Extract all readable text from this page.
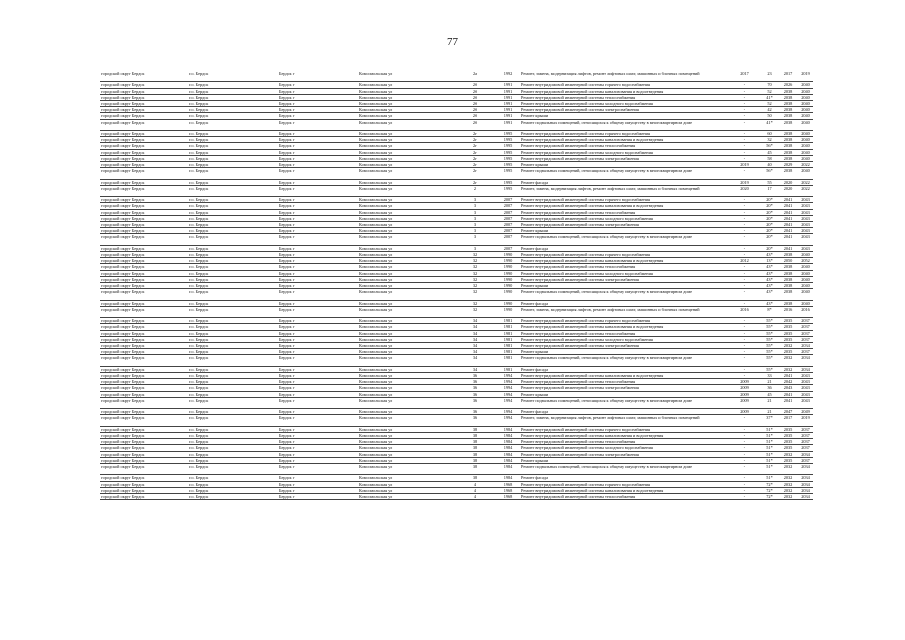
77
городской округ Бердск	г.о. Бердск	Бердск г	Комсомольская ул	2а	1992	Ремонт, замена, модернизация лифтов, ремонт лифтовых шахт, машинных и блочных помещений	2017	23	2017	2019
городской округ Бердск	г.о. Бердск	Бердск г	Комсомольская ул	2б	1991	Ремонт внутридомовой инженерной системы горячего водоснабжения	-	70	2026	2040
городской округ Бердск	г.о. Бердск	Бердск г	Комсомольская ул	2б	1991	Ремонт внутридомовой инженерной системы канализования и водоотведения	-	52	2038	2040
городской округ Бердск	г.о. Бердск	Бердск г	Комсомольская ул	2б	1991	Ремонт внутридомовой инженерной системы теплоснабжения	-	41*	2038	2040
городской округ Бердск	г.о. Бердск	Бердск г	Комсомольская ул	2б	1991	Ремонт внутридомовой инженерной системы холодного водоснабжения	-	52	2038	2040
городской округ Бердск	г.о. Бердск	Бердск г	Комсомольская ул	2б	1991	Ремонт внутридомовой инженерной системы электроснабжения	-	42	2038	2040
городской округ Бердск	г.о. Бердск	Бердск г	Комсомольская ул	2б	1991	Ремонт крыши	-	50	2038	2040
городской округ Бердск	г.о. Бердск	Бердск г	Комсомольская ул	2б	1991	Ремонт подвальных помещений, относящихся к общему имуществу в многоквартирном доме	-	41*	2038	2040
городской округ Бердск	г.о. Бердск	Бердск г	Комсомольская ул	2г	1995	Ремонт внутридомовой инженерной системы горячего водоснабжения	-	60	2038	2040
городской округ Бердск	г.о. Бердск	Бердск г	Комсомольская ул	2г	1995	Ремонт внутридомовой инженерной системы канализования и водоотведения	-	32	2038	2040
городской округ Бердск	г.о. Бердск	Бердск г	Комсомольская ул	2г	1995	Ремонт внутридомовой инженерной системы теплоснабжения	-	56*	2038	2040
городской округ Бердск	г.о. Бердск	Бердск г	Комсомольская ул	2г	1995	Ремонт внутридомовой инженерной системы холодного водоснабжения	-	45	2038	2040
городской округ Бердск	г.о. Бердск	Бердск г	Комсомольская ул	2г	1995	Ремонт внутридомовой инженерной системы электроснабжения	-	58	2038	2040
городской округ Бердск	г.о. Бердск	Бердск г	Комсомольская ул	2г	1995	Ремонт крыши	2019	40	2029	2022
городской округ Бердск	г.о. Бердск	Бердск г	Комсомольская ул	2г	1995	Ремонт подвальных помещений, относящихся к общему имуществу в многоквартирном доме	-	56*	2038	2040
городской округ Бердск	г.о. Бердск	Бердск г	Комсомольская ул	2г	1995	Ремонт фасада	2019	55	2020	2022
городской округ Бердск	г.о. Бердск	Бердск г	Комсомольская ул	2	1995	Ремонт, замена, модернизация лифтов, ремонт лифтовых шахт, машинных и блочных помещений	2020	17	2020	2022
городской округ Бердск	г.о. Бердск	Бердск г	Комсомольская ул	3	2007	Ремонт внутридомовой инженерной системы горячего водоснабжения	-	20*	2041	2043
городской округ Бердск	г.о. Бердск	Бердск г	Комсомольская ул	3	2007	Ремонт внутридомовой инженерной системы канализования и водоотведения	-	20*	2041	2043
городской округ Бердск	г.о. Бердск	Бердск г	Комсомольская ул	3	2007	Ремонт внутридомовой инженерной системы теплоснабжения	-	20*	2041	2043
городской округ Бердск	г.о. Бердск	Бердск г	Комсомольская ул	3	2007	Ремонт внутридомовой инженерной системы холодного водоснабжения	-	20*	2041	2043
городской округ Бердск	г.о. Бердск	Бердск г	Комсомольская ул	3	2007	Ремонт внутридомовой инженерной системы электроснабжения	-	20*	2041	2043
городской округ Бердск	г.о. Бердск	Бердск г	Комсомольская ул	3	2007	Ремонт крыши	-	20*	2041	2043
городской округ Бердск	г.о. Бердск	Бердск г	Комсомольская ул	3	2007	Ремонт подвальных помещений, относящихся к общему имуществу в многоквартирном доме	-	20*	2041	2043
городской округ Бердск	г.о. Бердск	Бердск г	Комсомольская ул	3	2007	Ремонт фасада	-	20*	2041	2043
городской округ Бердск	г.о. Бердск	Бердск г	Комсомольская ул	32	1990	Ремонт внутридомовой инженерной системы горячего водоснабжения	-	43*	2038	2040
городской округ Бердск	г.о. Бердск	Бердск г	Комсомольская ул	32	1990	Ремонт внутридомовой инженерной системы канализования и водоотведения	2012	13*	2050	2052
городской округ Бердск	г.о. Бердск	Бердск г	Комсомольская ул	32	1990	Ремонт внутридомовой инженерной системы теплоснабжения	-	43*	2038	2040
городской округ Бердск	г.о. Бердск	Бердск г	Комсомольская ул	32	1990	Ремонт внутридомовой инженерной системы холодного водоснабжения	-	43*	2038	2040
городской округ Бердск	г.о. Бердск	Бердск г	Комсомольская ул	32	1990	Ремонт внутридомовой инженерной системы электроснабжения	-	43*	2038	2040
городской округ Бердск	г.о. Бердск	Бердск г	Комсомольская ул	32	1990	Ремонт крыши	-	43*	2038	2040
городской округ Бердск	г.о. Бердск	Бердск г	Комсомольская ул	32	1990	Ремонт подвальных помещений, относящихся к общему имуществу в многоквартирном доме	-	43*	2038	2040
городской округ Бердск	г.о. Бердск	Бердск г	Комсомольская ул	32	1990	Ремонт фасада	-	43*	2038	2040
городской округ Бердск	г.о. Бердск	Бердск г	Комсомольская ул	32	1990	Ремонт, замена, модернизация лифтов, ремонт лифтовых шахт, машинных и блочных помещений	2016	8*	2016	2016
городской округ Бердск	г.о. Бердск	Бердск г	Комсомольская ул	34	1981	Ремонт внутридомовой инженерной системы горячего водоснабжения	-	55*	2035	2037
городской округ Бердск	г.о. Бердск	Бердск г	Комсомольская ул	34	1981	Ремонт внутридомовой инженерной системы канализования и водоотведения	-	55*	2035	2037
городской округ Бердск	г.о. Бердск	Бердск г	Комсомольская ул	34	1981	Ремонт внутридомовой инженерной системы теплоснабжения	-	55*	2035	2037
городской округ Бердск	г.о. Бердск	Бердск г	Комсомольская ул	34	1981	Ремонт внутридомовой инженерной системы холодного водоснабжения	-	55*	2035	2037
городской округ Бердск	г.о. Бердск	Бердск г	Комсомольская ул	34	1981	Ремонт внутридомовой инженерной системы электроснабжения	-	55*	2032	2034
городской округ Бердск	г.о. Бердск	Бердск г	Комсомольская ул	34	1981	Ремонт крыши	-	55*	2035	2037
городской округ Бердск	г.о. Бердск	Бердск г	Комсомольская ул	34	1981	Ремонт подвальных помещений, относящихся к общему имуществу в многоквартирном доме	-	55*	2032	2034
городской округ Бердск	г.о. Бердск	Бердск г	Комсомольская ул	34	1981	Ремонт фасада	-	55*	2032	2034
городской округ Бердск	г.о. Бердск	Бердск г	Комсомольская ул	36	1994	Ремонт внутридомовой инженерной системы канализования и водоотведения	-	33	2041	2043
городской округ Бердск	г.о. Бердск	Бердск г	Комсомольская ул	36	1994	Ремонт внутридомовой инженерной системы теплоснабжения	2009	21	2042	2043
городской округ Бердск	г.о. Бердск	Бердск г	Комсомольская ул	36	1994	Ремонт внутридомовой инженерной системы электроснабжения	2009	36	2043	2043
городской округ Бердск	г.о. Бердск	Бердск г	Комсомольская ул	36	1994	Ремонт крыши	2009	45	2041	2043
городской округ Бердск	г.о. Бердск	Бердск г	Комсомольская ул	36	1994	Ремонт подвальных помещений, относящихся к общему имуществу в многоквартирном доме	2009	21	2041	2043
городской округ Бердск	г.о. Бердск	Бердск г	Комсомольская ул	36	1994	Ремонт фасада	2009	21	2047	2049
городской округ Бердск	г.о. Бердск	Бердск г	Комсомольская ул	36	1994	Ремонт, замена, модернизация лифтов, ремонт лифтовых шахт, машинных и блочных помещений	-	37*	2017	2019
городской округ Бердск	г.о. Бердск	Бердск г	Комсомольская ул	38	1984	Ремонт внутридомовой инженерной системы горячего водоснабжения	-	51*	2035	2037
городской округ Бердск	г.о. Бердск	Бердск г	Комсомольская ул	38	1984	Ремонт внутридомовой инженерной системы канализования и водоотведения	-	51*	2035	2037
городской округ Бердск	г.о. Бердск	Бердск г	Комсомольская ул	38	1984	Ремонт внутридомовой инженерной системы теплоснабжения	-	51*	2035	2037
городской округ Бердск	г.о. Бердск	Бердск г	Комсомольская ул	38	1984	Ремонт внутридомовой инженерной системы холодного водоснабжения	-	51*	2035	2037
городской округ Бердск	г.о. Бердск	Бердск г	Комсомольская ул	38	1984	Ремонт внутридомовой инженерной системы электроснабжения	-	51*	2032	2034
городской округ Бердск	г.о. Бердск	Бердск г	Комсомольская ул	38	1984	Ремонт крыши	-	51*	2035	2037
городской округ Бердск	г.о. Бердск	Бердск г	Комсомольская ул	38	1984	Ремонт подвальных помещений, относящихся к общему имуществу в многоквартирном доме	-	51*	2032	2034
городской округ Бердск	г.о. Бердск	Бердск г	Комсомольская ул	38	1984	Ремонт фасада	-	51*	2032	2034
городской округ Бердск	г.о. Бердск	Бердск г	Комсомольская ул	4	1968	Ремонт внутридомовой инженерной системы горячего водоснабжения	-	72*	2032	2034
городской округ Бердск	г.о. Бердск	Бердск г	Комсомольская ул	4	1968	Ремонт внутридомовой инженерной системы канализования и водоотведения	-	72*	2032	2034
городской округ Бердск	г.о. Бердск	Бердск г	Комсомольская ул	4	1968	Ремонт внутридомовой инженерной системы теплоснабжения	-	72*	2032	2034
